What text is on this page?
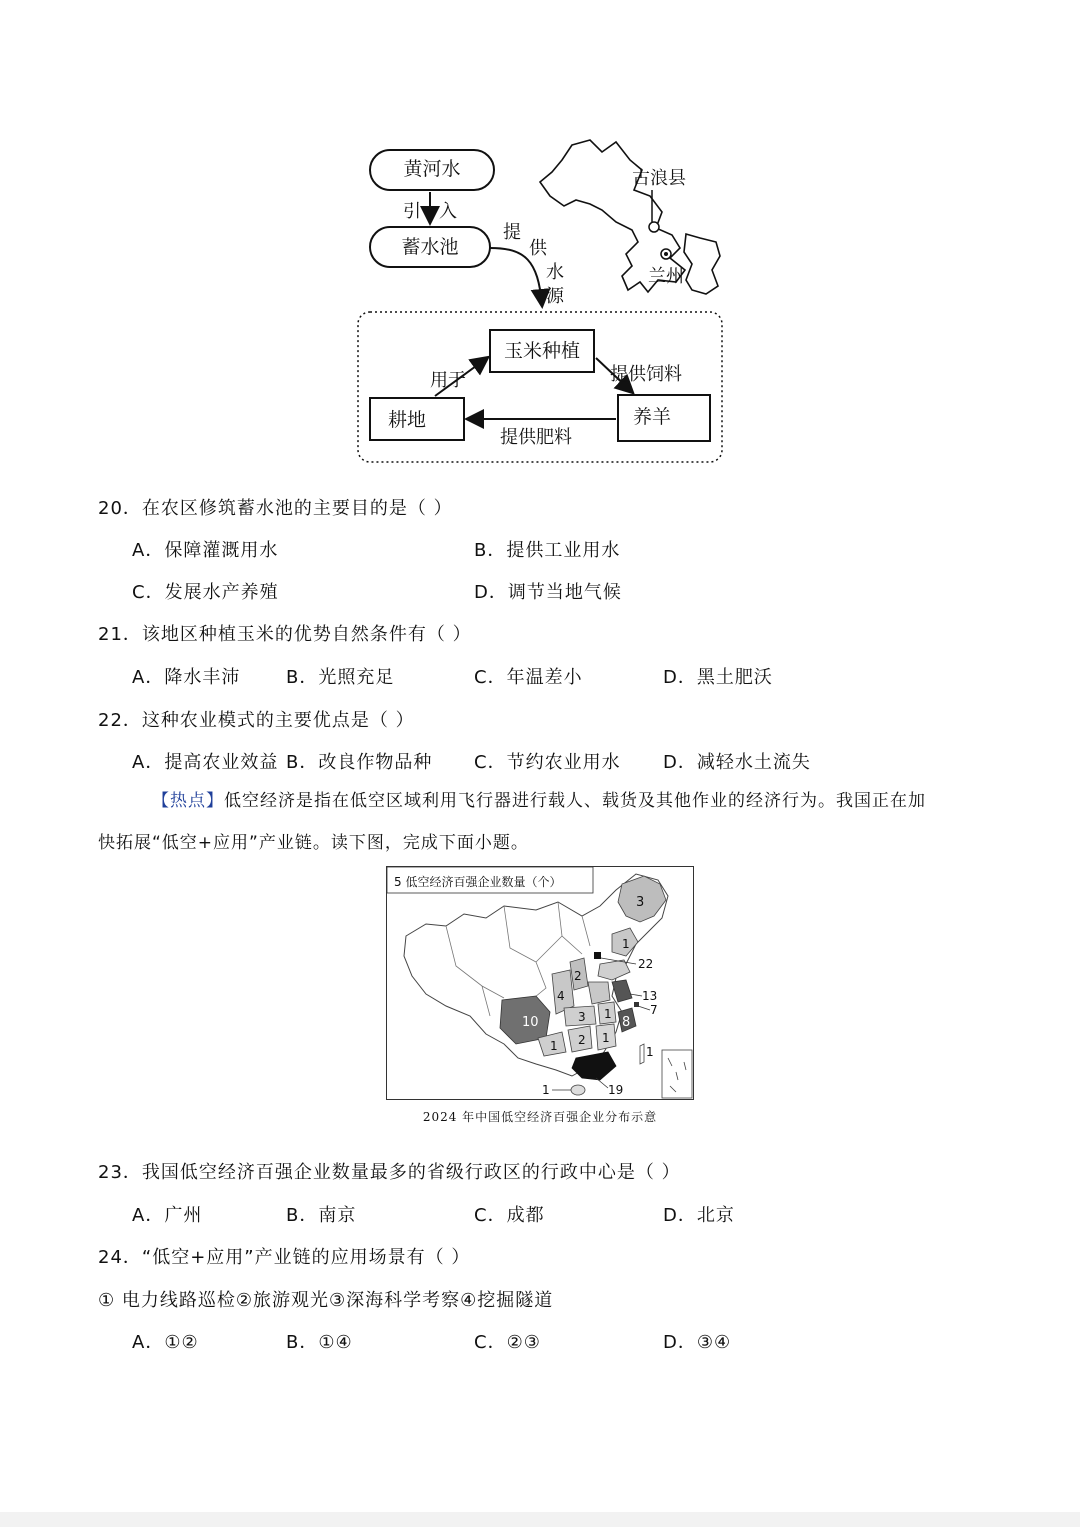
黄河水
引 入
蓄水池
提
供
水
源
古浪县
兰州
玉米种植
耕地	养羊
用于	提供饲料
提供肥料
20．在农区修筑蓄水池的主要目的是（ ）
A．保障灌溉用水	B．提供工业用水
C．发展水产养殖	D．调节当地气候
21．该地区种植玉米的优势自然条件有（ ）
A．降水丰沛	B．光照充足	C．年温差小	D．黑土肥沃
22．这种农业模式的主要优点是（ ）
A．提高农业效益 B．改良作物品种 C．节约农业用水 D．减轻水土流失
【热点】低空经济是指在低空区域利用飞行器进行载人、载货及其他作业的经济行为。我国正在加
快拓展“低空+应用”产业链。读下图，完成下面小题。
5 低空经济百强企业数量（个）
3
1
22
13
7
1
8
4
3
10
1 2 1
1	19
1
2
2024 年中国低空经济百强企业分布示意
23．我国低空经济百强企业数量最多的省级行政区的行政中心是（ ）
A．广州	B．南京	C．成都	D．北京
24．“低空+应用”产业链的应用场景有（ ）
① 电力线路巡检②旅游观光③深海科学考察④挖掘隧道
A．①②	B．①④	C．②③	D．③④
